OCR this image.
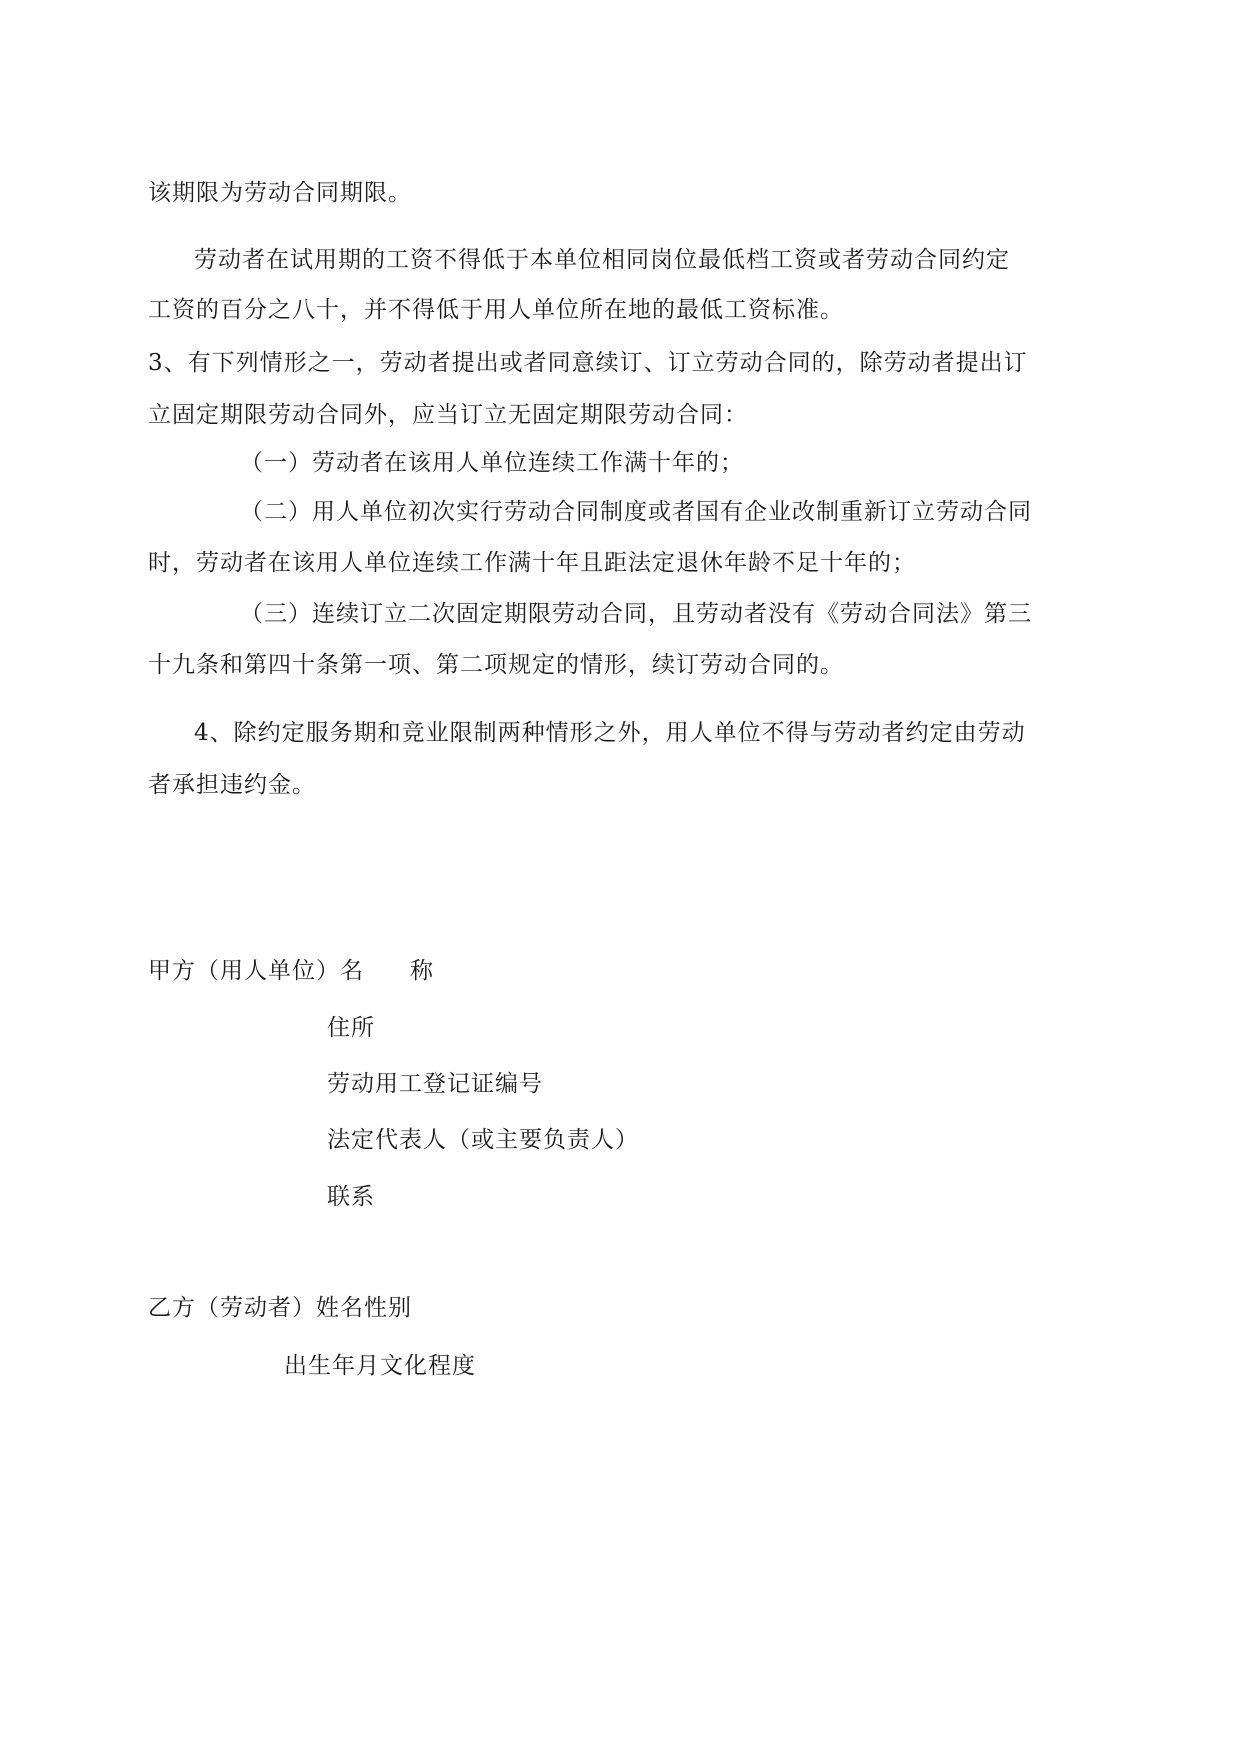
该期限为劳动合同期限。
劳动者在试用期的工资不得低于本单位相同岗位最低档工资或者劳动合同约定
工资的百分之八十，并不得低于用人单位所在地的最低工资标准。
3、有下列情形之一，劳动者提出或者同意续订、订立劳动合同的，除劳动者提出订
立固定期限劳动合同外，应当订立无固定期限劳动合同：
（一）劳动者在该用人单位连续工作满十年的；
（二）用人单位初次实行劳动合同制度或者国有企业改制重新订立劳动合同
时，劳动者在该用人单位连续工作满十年且距法定退休年龄不足十年的；
（三）连续订立二次固定期限劳动合同，且劳动者没有《劳动合同法》第三
十九条和第四十条第一项、第二项规定的情形，续订劳动合同的。
4、除约定服务期和竞业限制两种情形之外，用人单位不得与劳动者约定由劳动
者承担违约金。
甲方（用人单位）名 称
住所
劳动用工登记证编号
法定代表人（或主要负责人）
联系
乙方（劳动者）姓名性别
出生年月文化程度
